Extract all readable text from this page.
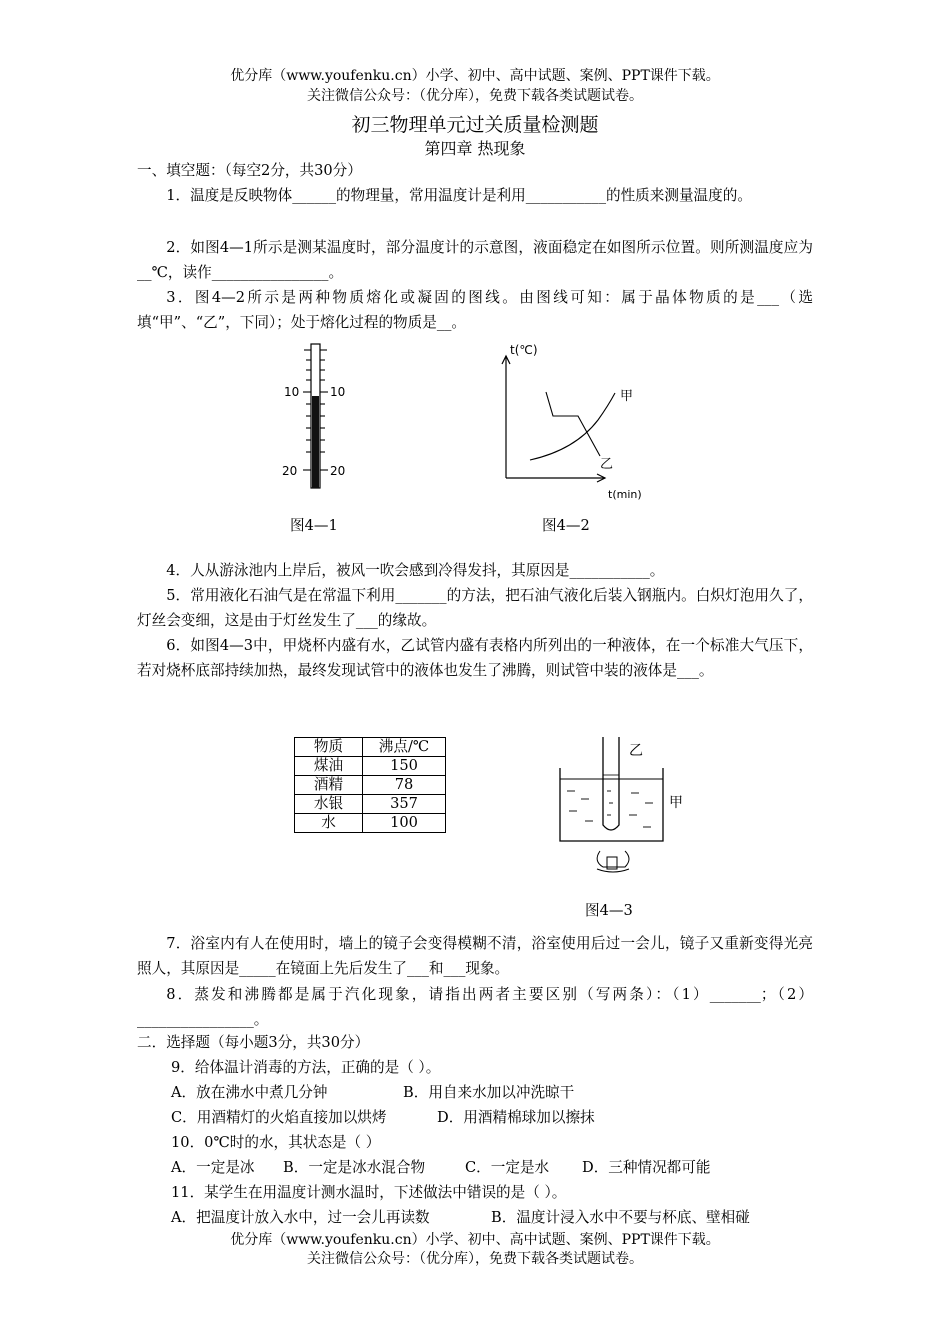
优分库（www.youfenku.cn）小学、初中、高中试题、案例、PPT课件下载。
关注微信公众号：（优分库），免费下载各类试题试卷。
初三物理单元过关质量检测题
第四章 热现象
一、填空题：（每空2分，共30分）
1．温度是反映物体______的物理量，常用温度计是利用___________的性质来测量温度的。
2．如图4—1所示是测某温度时，部分温度计的示意图，液面稳定在如图所示位置。则所测温度应为__℃，读作________________。
3．图4—2所示是两种物质熔化或凝固的图线。由图线可知：属于晶体物质的是___（选填“甲”、“乙”，下同）；处于熔化过程的物质是__。
10	10
20	20
图4—1
t(℃)
t(min)
甲
乙
图4—2
4．人从游泳池内上岸后，被风一吹会感到冷得发抖，其原因是___________。
5．常用液化石油气是在常温下利用_______的方法，把石油气液化后装入钢瓶内。白炽灯泡用久了，灯丝会变细，这是由于灯丝发生了___的缘故。
6．如图4—3中，甲烧杯内盛有水，乙试管内盛有表格内所列出的一种液体，在一个标准大气压下，若对烧杯底部持续加热，最终发现试管中的液体也发生了沸腾，则试管中装的液体是___。
物质	沸点/℃
煤油	150
酒精	78
水银	357
水	100
乙
甲
图4—3
7．浴室内有人在使用时，墙上的镜子会变得模糊不清，浴室使用后过一会儿，镜子又重新变得光亮照人，其原因是_____在镜面上先后发生了___和___现象。
8．蒸发和沸腾都是属于汽化现象，请指出两者主要区别（写两条）：（1）_______；（2）________________。
二．选择题（每小题3分，共30分）
9．给体温计消毒的方法，正确的是（ ）。
A．放在沸水中煮几分钟	B．用自来水加以冲洗晾干
C．用酒精灯的火焰直接加以烘烤	D．用酒精棉球加以擦抹
10．0℃时的水，其状态是（ ）
A．一定是冰 B．一定是冰水混合物	C．一定是水 D．三种情况都可能
11．某学生在用温度计测水温时，下述做法中错误的是（ ）。
A．把温度计放入水中，过一会儿再读数	B．温度计浸入水中不要与杯底、壁相碰
优分库（www.youfenku.cn）小学、初中、高中试题、案例、PPT课件下载。
关注微信公众号：（优分库），免费下载各类试题试卷。
